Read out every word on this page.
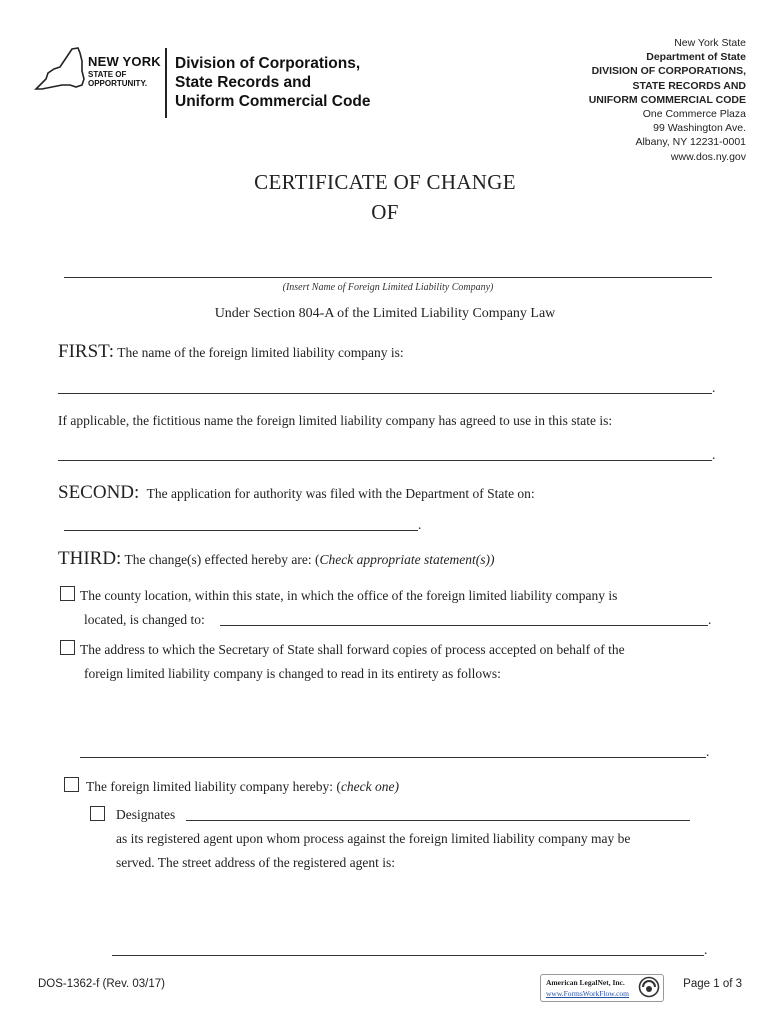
NEW YORK
STATE OF
OPPORTUNITY.
Division of Corporations,
State Records and
Uniform Commercial Code
New York State
Department of State
DIVISION OF CORPORATIONS,
STATE RECORDS AND
UNIFORM COMMERCIAL CODE
One Commerce Plaza
99 Washington Ave.
Albany, NY 12231-0001
www.dos.ny.gov
CERTIFICATE OF CHANGE
OF
(Insert Name of Foreign Limited Liability Company)
Under Section 804-A of the Limited Liability Company Law
FIRST: The name of the foreign limited liability company is:
.
If applicable, the fictitious name the foreign limited liability company has agreed to use in this state is:
.
SECOND: The application for authority was filed with the Department of State on:
.
THIRD: The change(s) effected hereby are: (Check appropriate statement(s))
The county location, within this state, in which the office of the foreign limited liability company is
located, is changed to:	.
The address to which the Secretary of State shall forward copies of process accepted on behalf of the
foreign limited liability company is changed to read in its entirety as follows:
.
The foreign limited liability company hereby: (check one)
Designates
as its registered agent upon whom process against the foreign limited liability company may be
served. The street address of the registered agent is:
.
DOS-1362-f (Rev. 03/17)	American LegalNet, Inc.
www.FormsWorkFlow.com
Page 1 of 3
